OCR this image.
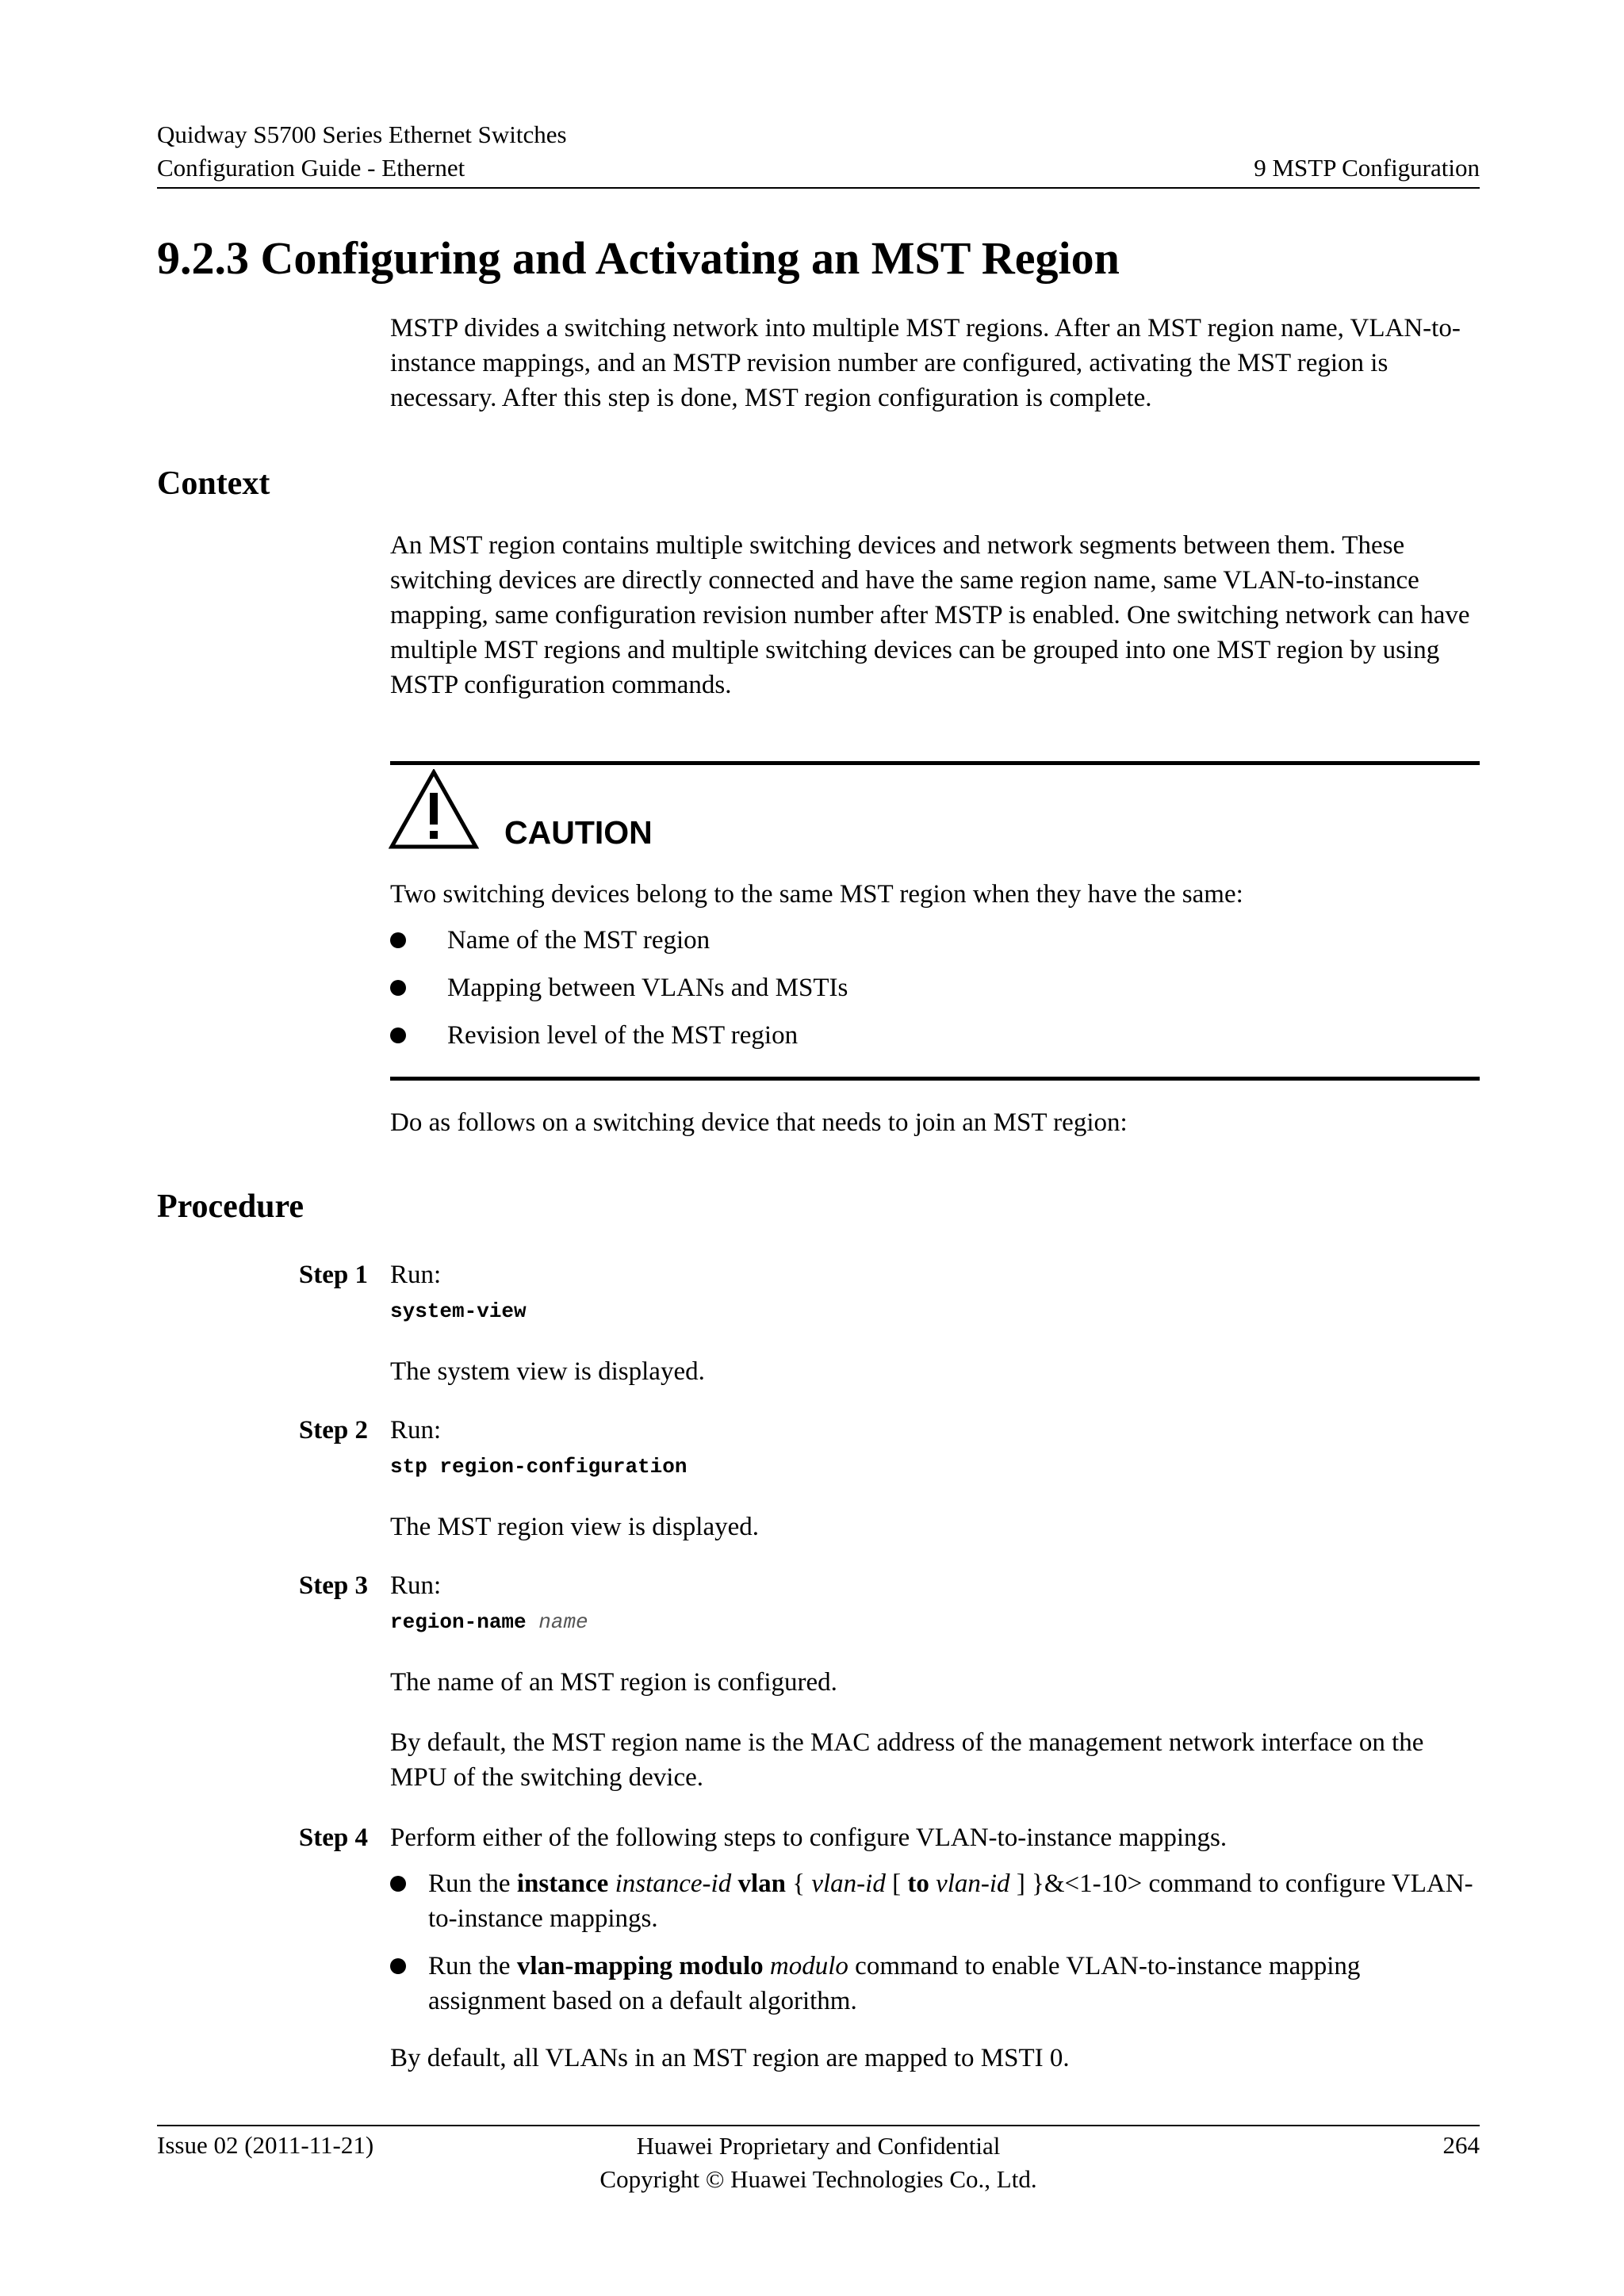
Quidway S5700 Series Ethernet Switches
Configuration Guide - Ethernet	9 MSTP Configuration
9.2.3 Configuring and Activating an MST Region

MSTP divides a switching network into multiple MST regions. After an MST region name, VLAN-to-instance mappings, and an MSTP revision number are configured, activating the MST region is necessary. After this step is done, MST region configuration is complete.

Context

An MST region contains multiple switching devices and network segments between them. These switching devices are directly connected and have the same region name, same VLAN-to-instance mapping, same configuration revision number after MSTP is enabled. One switching network can have multiple MST regions and multiple switching devices can be grouped into one MST region by using MSTP configuration commands.

CAUTION

Two switching devices belong to the same MST region when they have the same:

Name of the MST region
Mapping between VLANs and MSTIs
Revision level of the MST region

Do as follows on a switching device that needs to join an MST region:

Procedure
Step 1 Run:
system-view
The system view is displayed.
Step 2 Run:
stp region-configuration
The MST region view is displayed.
Step 3 Run:
region-name name
The name of an MST region is configured.
By default, the MST region name is the MAC address of the management network interface on the MPU of the switching device.
Step 4 Perform either of the following steps to configure VLAN-to-instance mappings.
Run the instance instance-id vlan { vlan-id [ to vlan-id ] }&<1-10> command to configure VLAN-to-instance mappings.
Run the vlan-mapping modulo modulo command to enable VLAN-to-instance mapping assignment based on a default algorithm.
By default, all VLANs in an MST region are mapped to MSTI 0.
Issue 02 (2011-11-21)	Huawei Proprietary and Confidential
Copyright © Huawei Technologies Co., Ltd.
264
